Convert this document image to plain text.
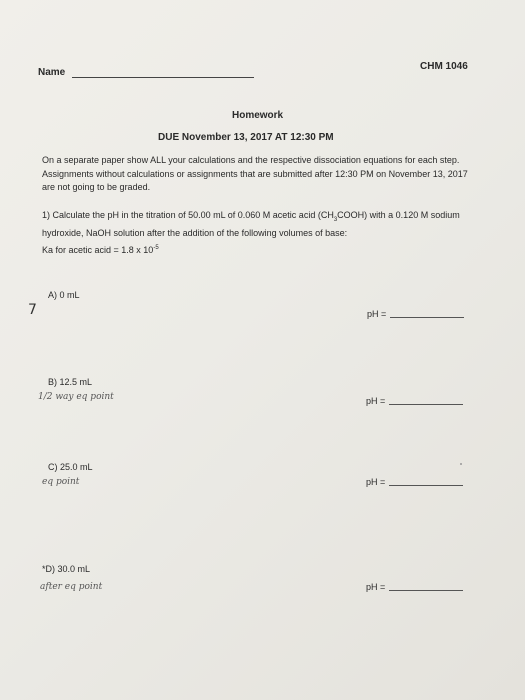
Name
CHM 1046
Homework
DUE November 13, 2017 AT 12:30 PM
On a separate paper show ALL your calculations and the respective dissociation equations for each step. Assignments without calculations or assignments that are submitted after 12:30 PM on November 13, 2017 are not going to be graded.
1) Calculate the pH in the titration of 50.00 mL of 0.060 M acetic acid $(CH_3COOH)$ with a 0.120 M sodium hydroxide, NaOH solution after the addition of the following volumes of base:
Ka for acetic acid = 1.8 x $10^{-5}$
A) 0 mL
7	pH =
B) 12.5 mL
1/2 way eq point	pH =
C) 25.0 mL
eq point	pH =
*D) 30.0 mL
after eq point	pH =
